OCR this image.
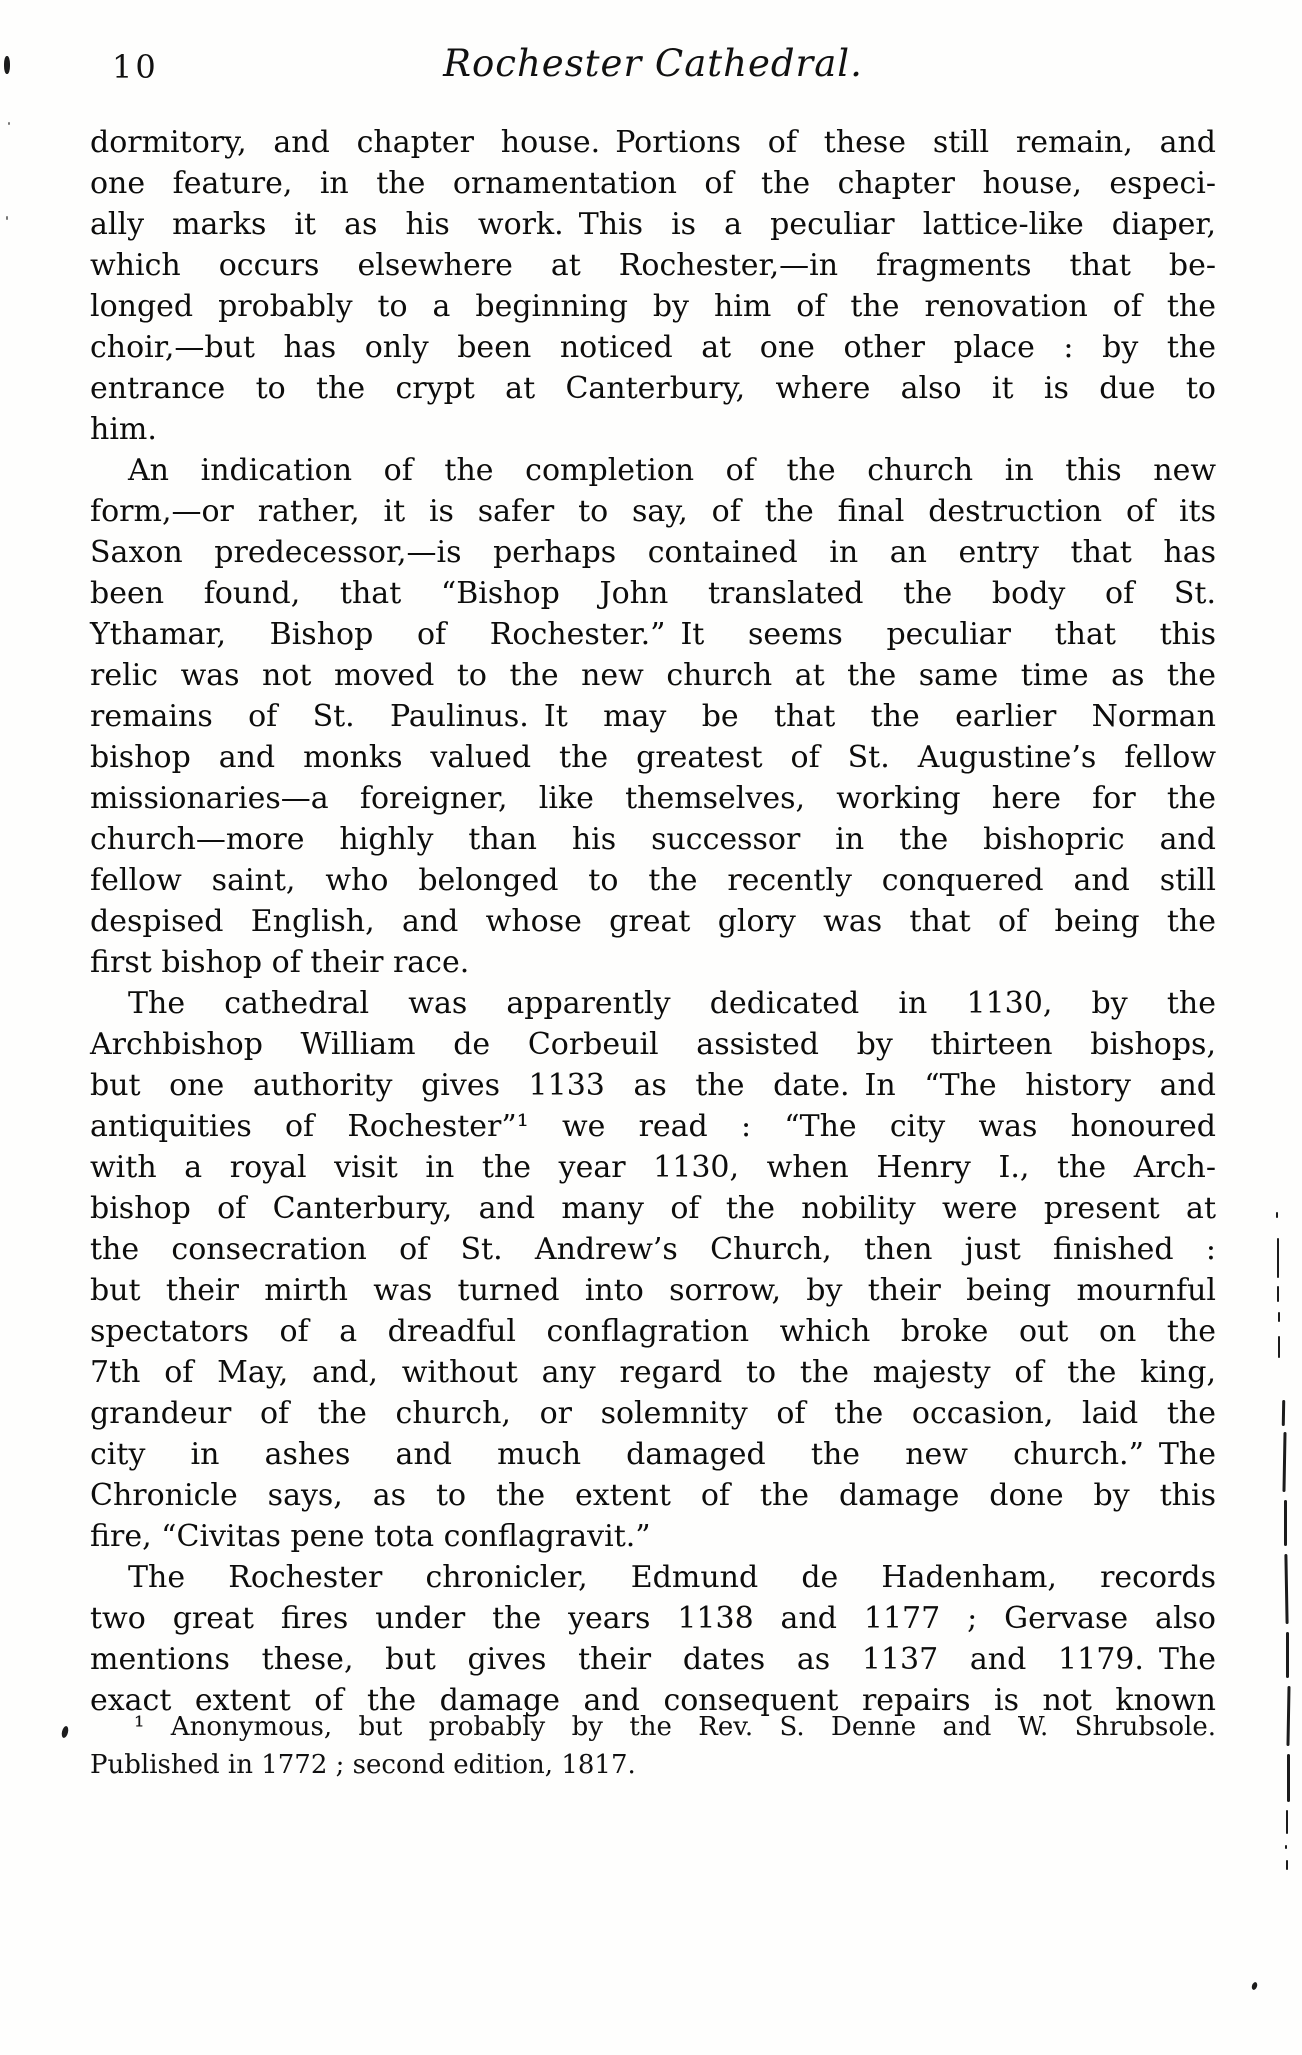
10	Rochester Cathedral.

dormitory, and chapter house. Portions of these still remain, and
one feature, in the ornamentation of the chapter house, especi-
ally marks it as his work. This is a peculiar lattice-like diaper,
which occurs elsewhere at Rochester,—in fragments that be-
longed probably to a beginning by him of the renovation of the
choir,—but has only been noticed at one other place : by the
entrance to the crypt at Canterbury, where also it is due to
him.

An indication of the completion of the church in this new
form,—or rather, it is safer to say, of the final destruction of its
Saxon predecessor,—is perhaps contained in an entry that has
been found, that “Bishop John translated the body of St.
Ythamar, Bishop of Rochester.” It seems peculiar that this
relic was not moved to the new church at the same time as the
remains of St. Paulinus. It may be that the earlier Norman
bishop and monks valued the greatest of St. Augustine’s fellow
missionaries—a foreigner, like themselves, working here for the
church—more highly than his successor in the bishopric and
fellow saint, who belonged to the recently conquered and still
despised English, and whose great glory was that of being the
first bishop of their race.

The cathedral was apparently dedicated in 1130, by the
Archbishop William de Corbeuil assisted by thirteen bishops,
but one authority gives 1133 as the date. In “The history and
antiquities of Rochester”¹ we read : “The city was honoured
with a royal visit in the year 1130, when Henry I., the Arch-
bishop of Canterbury, and many of the nobility were present at
the consecration of St. Andrew’s Church, then just finished :
but their mirth was turned into sorrow, by their being mournful
spectators of a dreadful conflagration which broke out on the
7th of May, and, without any regard to the majesty of the king,
grandeur of the church, or solemnity of the occasion, laid the
city in ashes and much damaged the new church.” The
Chronicle says, as to the extent of the damage done by this
fire, “Civitas pene tota conflagravit.”

The Rochester chronicler, Edmund de Hadenham, records
two great fires under the years 1138 and 1177 ; Gervase also
mentions these, but gives their dates as 1137 and 1179. The
exact extent of the damage and consequent repairs is not known

¹ Anonymous, but probably by the Rev. S. Denne and W. Shrubsole.
Published in 1772 ; second edition, 1817.
